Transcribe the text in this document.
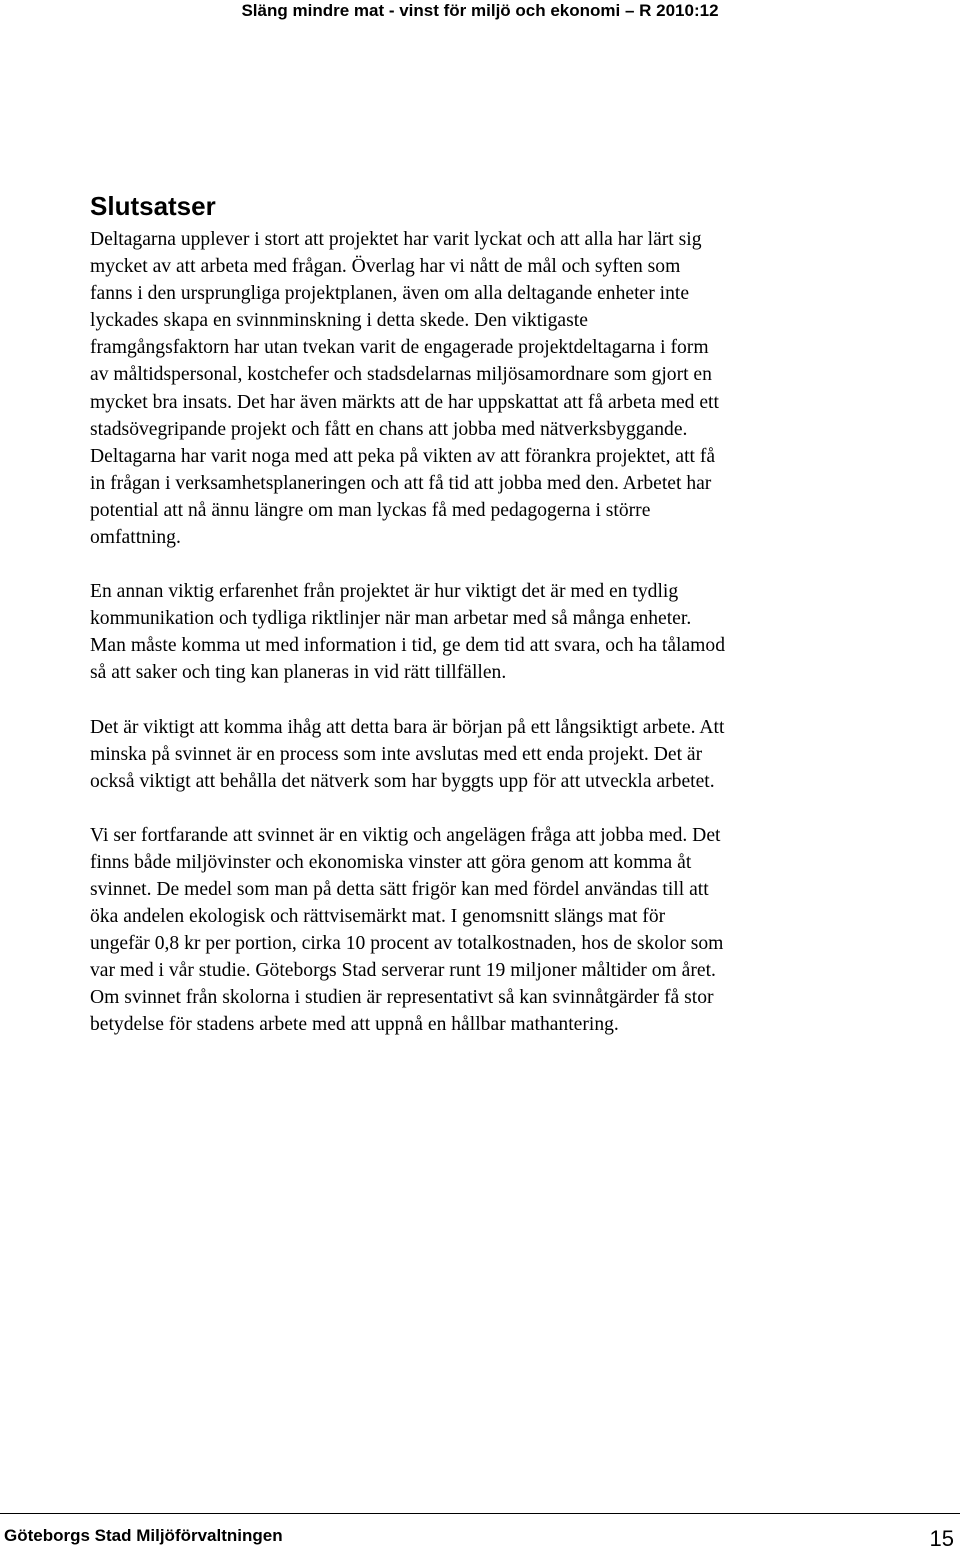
Släng mindre mat - vinst för miljö och ekonomi – R 2010:12
Slutsatser

Deltagarna upplever i stort att projektet har varit lyckat och att alla har lärt sig
mycket av att arbeta med frågan. Överlag har vi nått de mål och syften som
fanns i den ursprungliga projektplanen, även om alla deltagande enheter inte
lyckades skapa en svinnminskning i detta skede. Den viktigaste
framgångsfaktorn har utan tvekan varit de engagerade projektdeltagarna i form
av måltidspersonal, kostchefer och stadsdelarnas miljösamordnare som gjort en
mycket bra insats. Det har även märkts att de har uppskattat att få arbeta med ett
stadsövegripande projekt och fått en chans att jobba med nätverksbyggande.
Deltagarna har varit noga med att peka på vikten av att förankra projektet, att få
in frågan i verksamhetsplaneringen och att få tid att jobba med den. Arbetet har
potential att nå ännu längre om man lyckas få med pedagogerna i större
omfattning.

En annan viktig erfarenhet från projektet är hur viktigt det är med en tydlig
kommunikation och tydliga riktlinjer när man arbetar med så många enheter.
Man måste komma ut med information i tid, ge dem tid att svara, och ha tålamod
så att saker och ting kan planeras in vid rätt tillfällen.

Det är viktigt att komma ihåg att detta bara är början på ett långsiktigt arbete. Att
minska på svinnet är en process som inte avslutas med ett enda projekt. Det är
också viktigt att behålla det nätverk som har byggts upp för att utveckla arbetet.

Vi ser fortfarande att svinnet är en viktig och angelägen fråga att jobba med. Det
finns både miljövinster och ekonomiska vinster att göra genom att komma åt
svinnet. De medel som man på detta sätt frigör kan med fördel användas till att
öka andelen ekologisk och rättvisemärkt mat. I genomsnitt slängs mat för
ungefär 0,8 kr per portion, cirka 10 procent av totalkostnaden, hos de skolor som
var med i vår studie. Göteborgs Stad serverar runt 19 miljoner måltider om året.
Om svinnet från skolorna i studien är representativt så kan svinnåtgärder få stor
betydelse för stadens arbete med att uppnå en hållbar mathantering.

Göteborgs Stad Miljöförvaltningen	15
